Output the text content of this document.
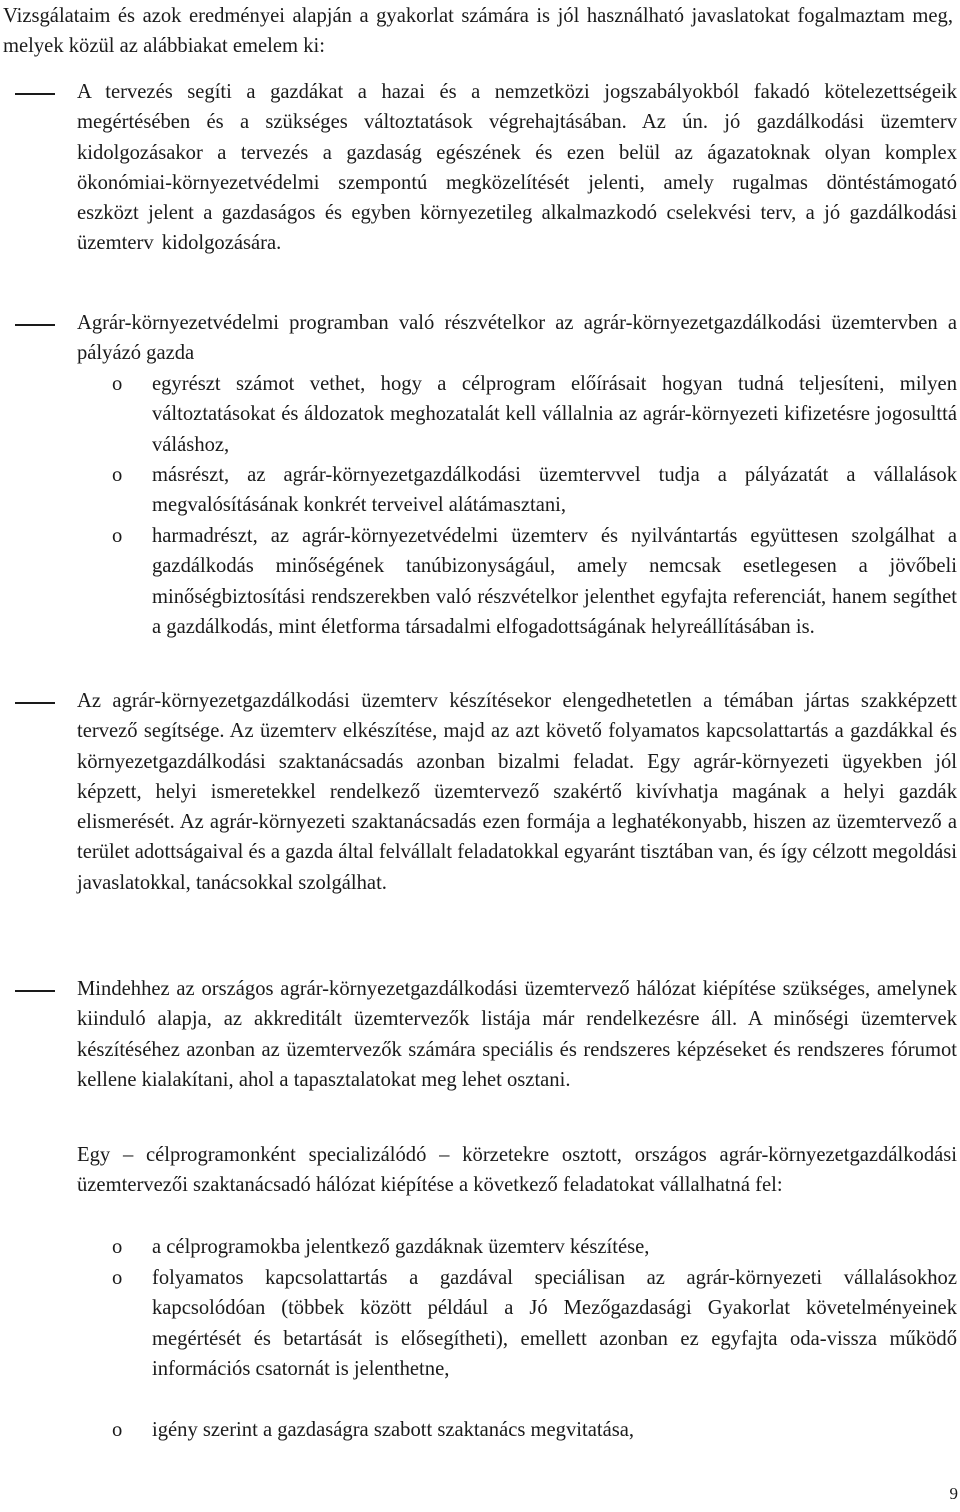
Vizsgálataim és azok eredményei alapján a gyakorlat számára is jól használható javaslatokat fogalmaztam meg, melyek közül az alábbiakat emelem ki:

A tervezés segíti a gazdákat a hazai és a nemzetközi jogszabályokból fakadó kötelezettségeik megértésében és a szükséges változtatások végrehajtásában. Az ún. jó gazdálkodási üzemterv kidolgozásakor a tervezés a gazdaság egészének és ezen belül az ágazatoknak olyan komplex ökonómiai-környezetvédelmi szempontú megközelítését jelenti, amely rugalmas döntéstámogató eszközt jelent a gazdaságos és egyben környezetileg alkalmazkodó cselekvési terv, a jó gazdálkodási üzemterv kidolgozására.

Agrár-környezetvédelmi programban való részvételkor az agrár-környezetgazdálkodási üzemtervben a pályázó gazda

o egyrészt számot vethet, hogy a célprogram előírásait hogyan tudná teljesíteni, milyen változtatásokat és áldozatok meghozatalát kell vállalnia az agrár-környezeti kifizetésre jogosulttá váláshoz,

o másrészt, az agrár-környezetgazdálkodási üzemtervvel tudja a pályázatát a vállalások megvalósításának konkrét terveivel alátámasztani,

o harmadrészt, az agrár-környezetvédelmi üzemterv és nyilvántartás együttesen szolgálhat a gazdálkodás minőségének tanúbizonyságául, amely nemcsak esetlegesen a jövőbeli minőségbiztosítási rendszerekben való részvételkor jelenthet egyfajta referenciát, hanem segíthet a gazdálkodás, mint életforma társadalmi elfogadottságának helyreállításában is.

Az agrár-környezetgazdálkodási üzemterv készítésekor elengedhetetlen a témában jártas szakképzett tervező segítsége. Az üzemterv elkészítése, majd az azt követő folyamatos kapcsolattartás a gazdákkal és környezetgazdálkodási szaktanácsadás azonban bizalmi feladat. Egy agrár-környezeti ügyekben jól képzett, helyi ismeretekkel rendelkező üzemtervező szakértő kivívhatja magának a helyi gazdák elismerését. Az agrár-környezeti szaktanácsadás ezen formája a leghatékonyabb, hiszen az üzemtervező a terület adottságaival és a gazda által felvállalt feladatokkal egyaránt tisztában van, és így célzott megoldási javaslatokkal, tanácsokkal szolgálhat.

Mindehhez az országos agrár-környezetgazdálkodási üzemtervező hálózat kiépítése szükséges, amelynek kiinduló alapja, az akkreditált üzemtervezők listája már rendelkezésre áll. A minőségi üzemtervek készítéséhez azonban az üzemtervezők számára speciális és rendszeres képzéseket és rendszeres fórumot kellene kialakítani, ahol a tapasztalatokat meg lehet osztani.

Egy – célprogramonként specializálódó – körzetekre osztott, országos agrár-környezetgazdálkodási üzemtervezői szaktanácsadó hálózat kiépítése a következő feladatokat vállalhatná fel:

o a célprogramokba jelentkező gazdáknak üzemterv készítése,

o folyamatos kapcsolattartás a gazdával speciálisan az agrár-környezeti vállalásokhoz kapcsolódóan (többek között például a Jó Mezőgazdasági Gyakorlat követelményeinek megértését és betartását is elősegítheti), emellett azonban ez egyfajta oda-vissza működő információs csatornát is jelenthetne,

o igény szerint a gazdaságra szabott szaktanács megvitatása,

9
